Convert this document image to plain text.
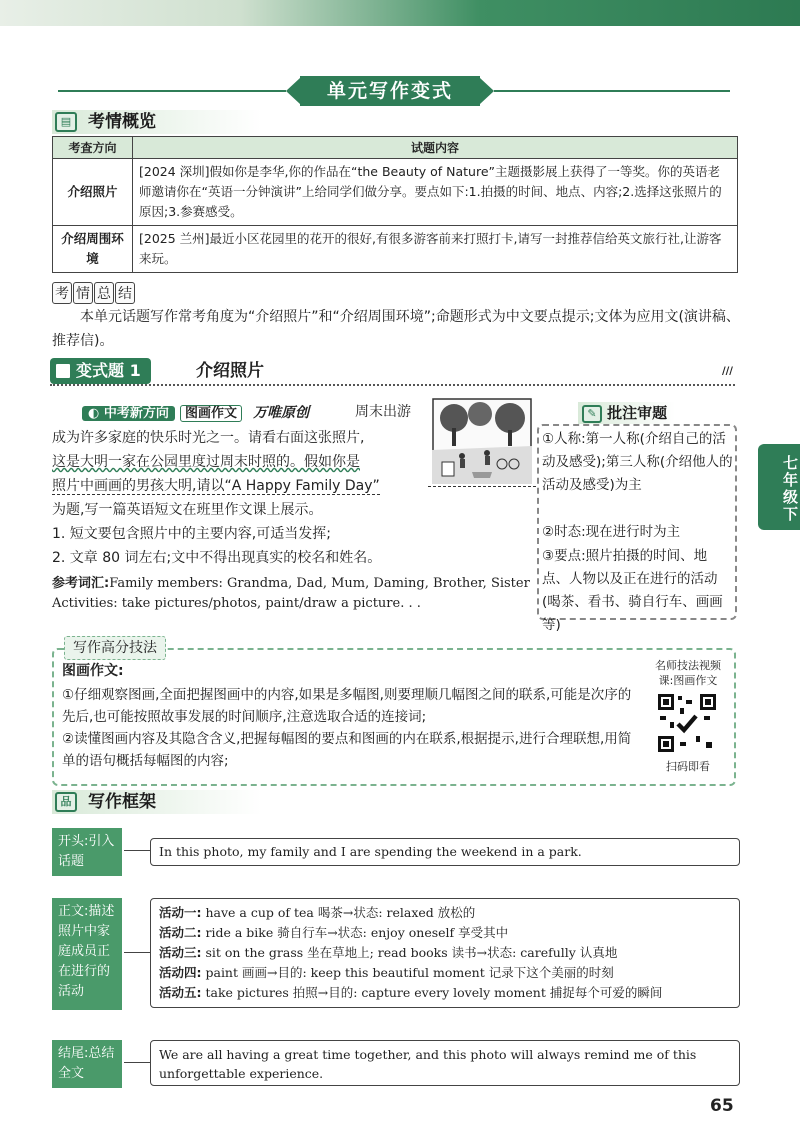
单元写作变式
▤ 考情概览
考查方向	试题内容
介绍照片	[2024 深圳]假如你是李华,你的作品在“the Beauty of Nature”主题摄影展上获得了一等奖。你的英语老师邀请你在“英语一分钟演讲”上给同学们做分享。要点如下:1.拍摄的时间、地点、内容;2.选择这张照片的原因;3.参赛感受。
介绍周围环境	[2025 兰州]最近小区花园里的花开的很好,有很多游客前来打照打卡,请写一封推荐信给英文旅行社,让游客来玩。
考 情 总 结
本单元话题写作常考角度为“介绍照片”和“介绍周围环境”;命题形式为中文要点提示;文体为应用文(演讲稿、推荐信)。
变式题 1	介绍照片	///
◐ 中考新方向 图画作文 万唯原创	周末出游
成为许多家庭的快乐时光之一。请看右面这张照片,
这是大明一家在公园里度过周末时照的。假如你是
照片中画画的男孩大明,请以“A Happy Family Day”
为题,写一篇英语短文在班里作文课上展示。
1. 短文要包含照片中的主要内容,可适当发挥;
2. 文章 80 词左右;文中不得出现真实的校名和姓名。
参考词汇:Family members: Grandma, Dad, Mum, Daming, Brother, Sister
Activities: take pictures/photos, paint/draw a picture. . .
✎ 批注审题
①人称:第一人称(介绍自己的活动及感受);第三人称(介绍他人的活动及感受)为主
②时态:现在进行时为主
③要点:照片拍摄的时间、地点、人物以及正在进行的活动(喝茶、看书、骑自行车、画画等)
七年级下
写作高分技法
图画作文:
①仔细观察图画,全面把握图画中的内容,如果是多幅图,则要理顺几幅图之间的联系,可能是次序的先后,也可能按照故事发展的时间顺序,注意选取合适的连接词;
②读懂图画内容及其隐含含义,把握每幅图的要点和图画的内在联系,根据提示,进行合理联想,用简单的语句概括每幅图的内容;
名师技法视频
课:图画作文
扫码即看
品 写作框架
开头:引入话题
In this photo, my family and I are spending the weekend in a park.
正文:描述照片中家庭成员正在进行的活动
活动一: have a cup of tea 喝茶→状态: relaxed 放松的
活动二: ride a bike 骑自行车→状态: enjoy oneself 享受其中
活动三: sit on the grass 坐在草地上; read books 读书→状态: carefully 认真地
活动四: paint 画画→目的: keep this beautiful moment 记录下这个美丽的时刻
活动五: take pictures 拍照→目的: capture every lovely moment 捕捉每个可爱的瞬间
结尾:总结全文
We are all having a great time together, and this photo will always remind me of this unforgettable experience.
65
